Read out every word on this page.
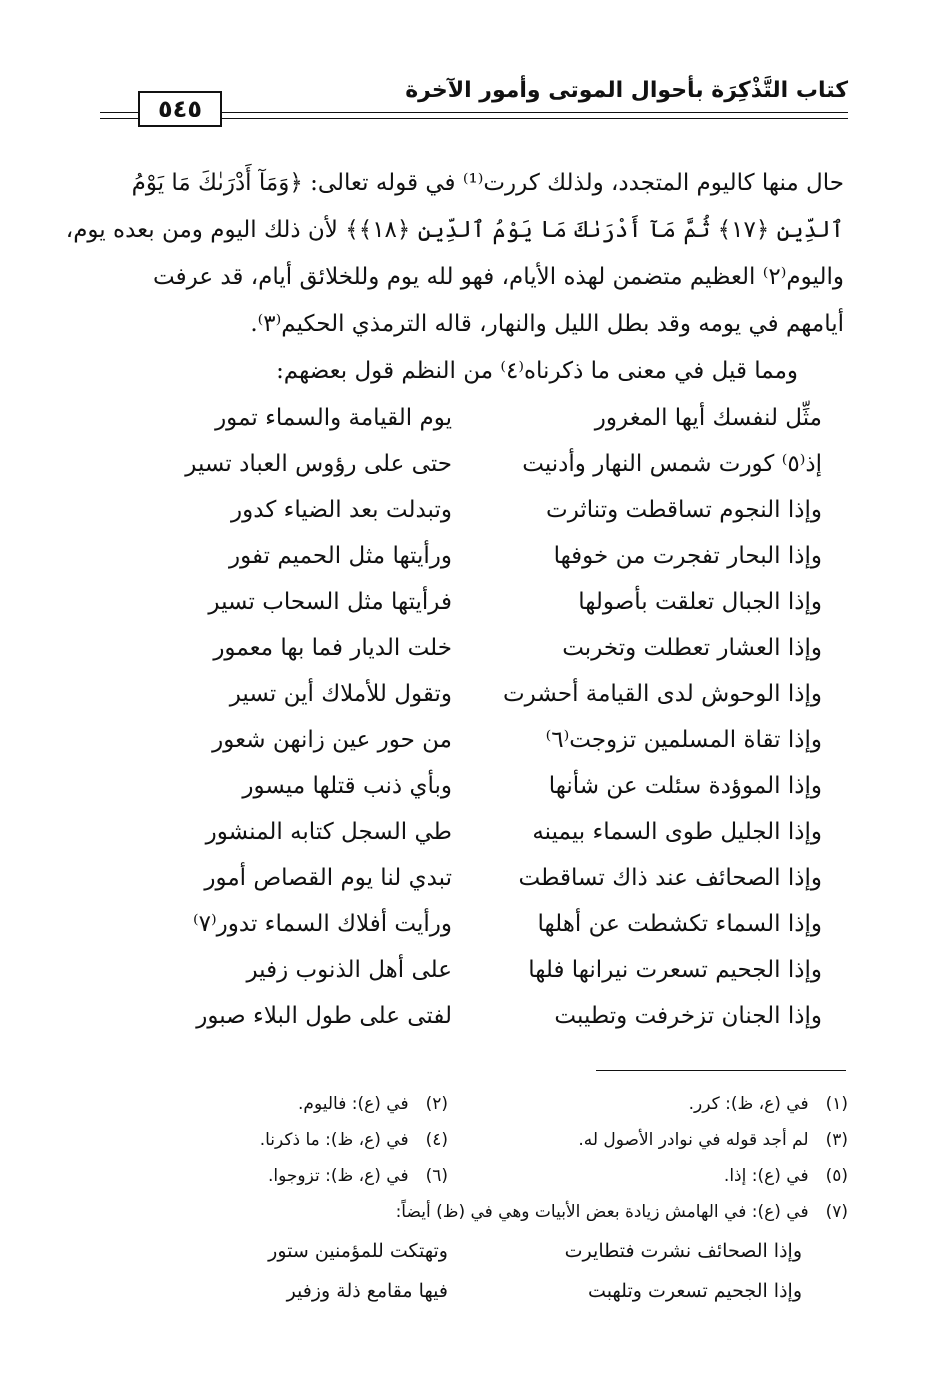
كتاب التَّذْكِرَة بأحوال الموتى وأمور الآخرة
٥٤٥
حال منها كاليوم المتجدد، ولذلك كررت⁽¹⁾ في قوله تعالى: ﴿وَمَآ أَدْرَىٰكَ مَا يَوْمُ
ٱلدِّينِ ﴿١٧﴾ ثُمَّ مَآ أَدْرَىٰكَ مَا يَوْمُ ٱلدِّينِ ﴿١٨﴾﴾ لأن ذلك اليوم ومن بعده يوم،
واليوم⁽٢⁾ العظيم متضمن لهذه الأيام، فهو لله يوم وللخلائق أيام، قد عرفت
أيامهم في يومه وقد بطل الليل والنهار، قاله الترمذي الحكيم⁽٣⁾.
ومما قيل في معنى ما ذكرناه⁽٤⁾ من النظم قول بعضهم:
مثِّل لنفسك أيها المغرور
إذ⁽٥⁾ كورت شمس النهار وأدنيت
وإذا النجوم تساقطت وتناثرت
وإذا البحار تفجرت من خوفها
وإذا الجبال تعلقت بأصولها
وإذا العشار تعطلت وتخربت
وإذا الوحوش لدى القيامة أحشرت
وإذا تقاة المسلمين تزوجت⁽٦⁾
وإذا الموؤدة سئلت عن شأنها
وإذا الجليل طوى السماء بيمينه
وإذا الصحائف عند ذاك تساقطت
وإذا السماء تكشطت عن أهلها
وإذا الجحيم تسعرت نيرانها فلها
وإذا الجنان تزخرفت وتطيبت
يوم القيامة والسماء تمور
حتى على رؤوس العباد تسير
وتبدلت بعد الضياء كدور
ورأيتها مثل الحميم تفور
فرأيتها مثل السحاب تسير
خلت الديار فما بها معمور
وتقول للأملاك أين تسير
من حور عين زانهن شعور
وبأي ذنب قتلها ميسور
طي السجل كتابه المنشور
تبدي لنا يوم القصاص أمور
ورأيت أفلاك السماء تدور⁽٧⁾
على أهل الذنوب زفير
لفتى على طول البلاء صبور
(١) في (ع، ظ): كرر.
(٢) في (ع): فاليوم.
(٣) لم أجد قوله في نوادر الأصول له.
(٤) في (ع، ظ): ما ذكرنا.
(٥) في (ع): إذا.
(٦) في (ع، ظ): تزوجوا.
(٧) في (ع): في الهامش زيادة بعض الأبيات وهي في (ظ) أيضاً:
وإذا الصحائف نشرت فتطايرت
وتهتكت للمؤمنين ستور
وإذا الجحيم تسعرت وتلهبت
فيها مقامع ذلة وزفير
